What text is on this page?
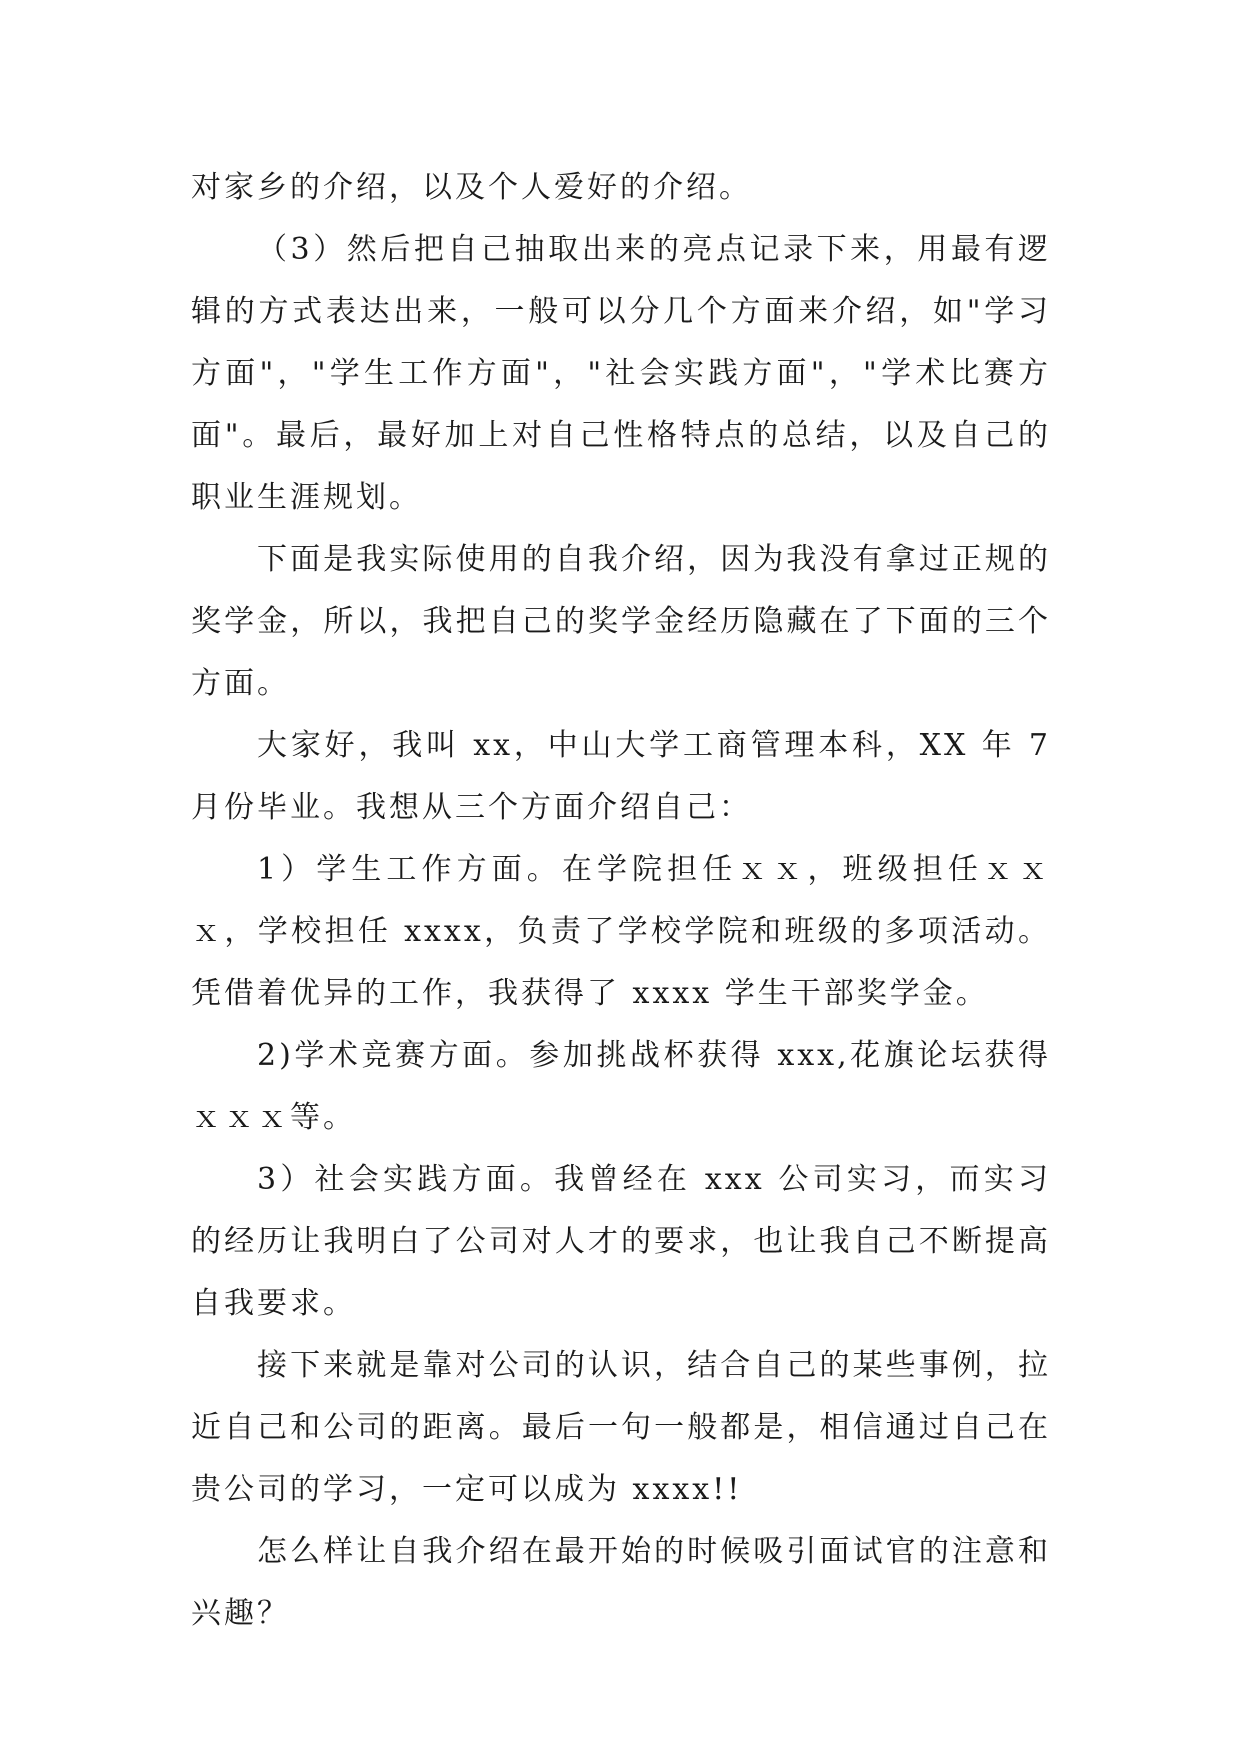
对家乡的介绍，以及个人爱好的介绍。

（3）然后把自己抽取出来的亮点记录下来，用最有逻辑的方式表达出来，一般可以分几个方面来介绍，如"学习方面"，"学生工作方面"，"社会实践方面"，"学术比赛方面"。最后，最好加上对自己性格特点的总结，以及自己的职业生涯规划。

下面是我实际使用的自我介绍，因为我没有拿过正规的奖学金，所以，我把自己的奖学金经历隐藏在了下面的三个方面。

大家好，我叫 xx，中山大学工商管理本科，XX 年 7 月份毕业。我想从三个方面介绍自己：

1）学生工作方面。在学院担任ｘｘ，班级担任ｘｘｘ，学校担任 xxxx，负责了学校学院和班级的多项活动。凭借着优异的工作，我获得了 xxxx 学生干部奖学金。

2)学术竞赛方面。参加挑战杯获得 xxx,花旗论坛获得ｘｘｘ等。

3）社会实践方面。我曾经在 xxx 公司实习，而实习的经历让我明白了公司对人才的要求，也让我自己不断提高自我要求。

接下来就是靠对公司的认识，结合自己的某些事例，拉近自己和公司的距离。最后一句一般都是，相信通过自己在贵公司的学习，一定可以成为 xxxx!!

怎么样让自我介绍在最开始的时候吸引面试官的注意和兴趣？
